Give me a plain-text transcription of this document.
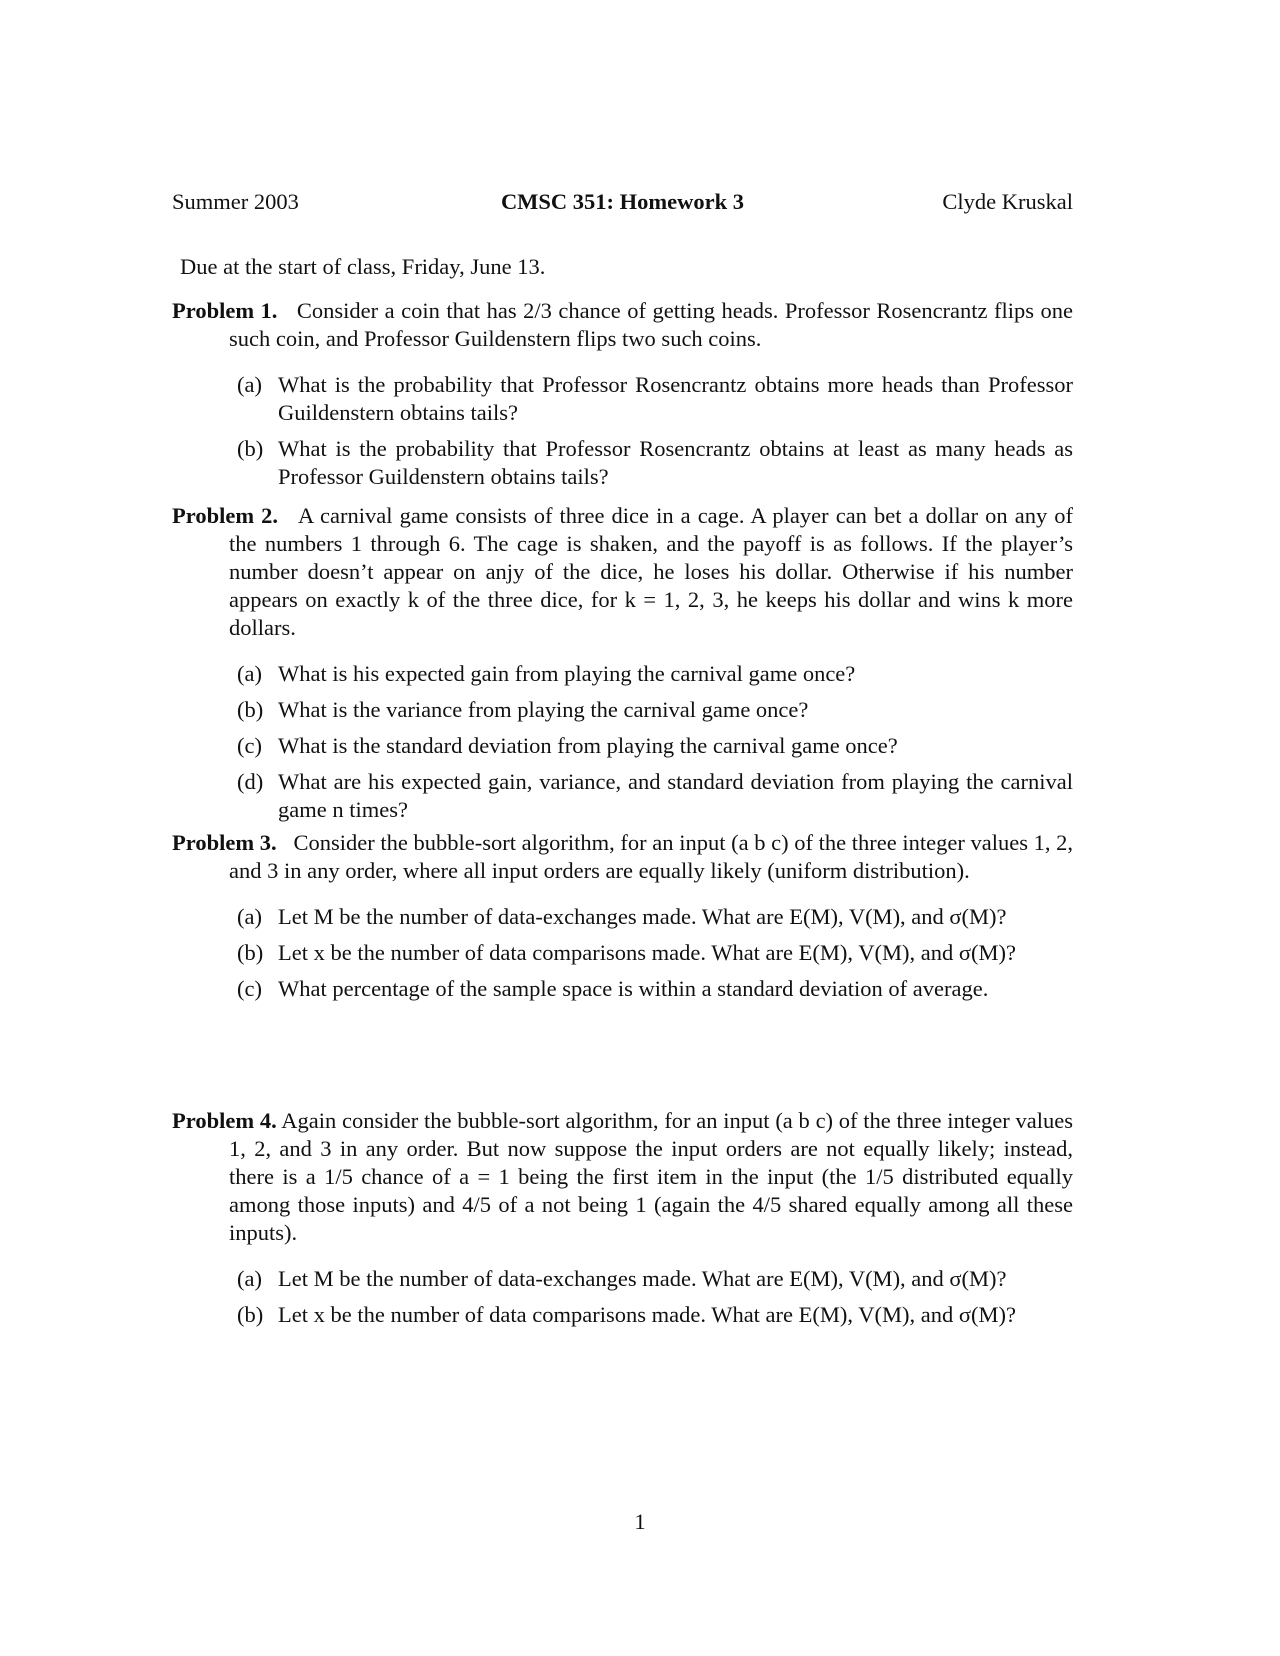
Summer 2003	CMSC 351: Homework 3	Clyde Kruskal
Due at the start of class, Friday, June 13.

Problem 1. Consider a coin that has 2/3 chance of getting heads. Professor Rosencrantz flips one such coin, and Professor Guildenstern flips two such coins.

(a) What is the probability that Professor Rosencrantz obtains more heads than Professor Guildenstern obtains tails?
(b) What is the probability that Professor Rosencrantz obtains at least as many heads as Professor Guildenstern obtains tails?

Problem 2. A carnival game consists of three dice in a cage. A player can bet a dollar on any of the numbers 1 through 6. The cage is shaken, and the payoff is as follows. If the player’s number doesn’t appear on anjy of the dice, he loses his dollar. Otherwise if his number appears on exactly k of the three dice, for k = 1, 2, 3, he keeps his dollar and wins k more dollars.

(a) What is his expected gain from playing the carnival game once?
(b) What is the variance from playing the carnival game once?
(c) What is the standard deviation from playing the carnival game once?
(d) What are his expected gain, variance, and standard deviation from playing the carnival game n times?

Problem 3. Consider the bubble-sort algorithm, for an input (a b c) of the three integer values 1, 2, and 3 in any order, where all input orders are equally likely (uniform distribution).

(a) Let M be the number of data-exchanges made. What are E(M), V(M), and σ(M)?
(b) Let x be the number of data comparisons made. What are E(M), V(M), and σ(M)?
(c) What percentage of the sample space is within a standard deviation of average.

Problem 4. Again consider the bubble-sort algorithm, for an input (a b c) of the three integer values 1, 2, and 3 in any order. But now suppose the input orders are not equally likely; instead, there is a 1/5 chance of a = 1 being the first item in the input (the 1/5 distributed equally among those inputs) and 4/5 of a not being 1 (again the 4/5 shared equally among all these inputs).

(a) Let M be the number of data-exchanges made. What are E(M), V(M), and σ(M)?
(b) Let x be the number of data comparisons made. What are E(M), V(M), and σ(M)?
1
